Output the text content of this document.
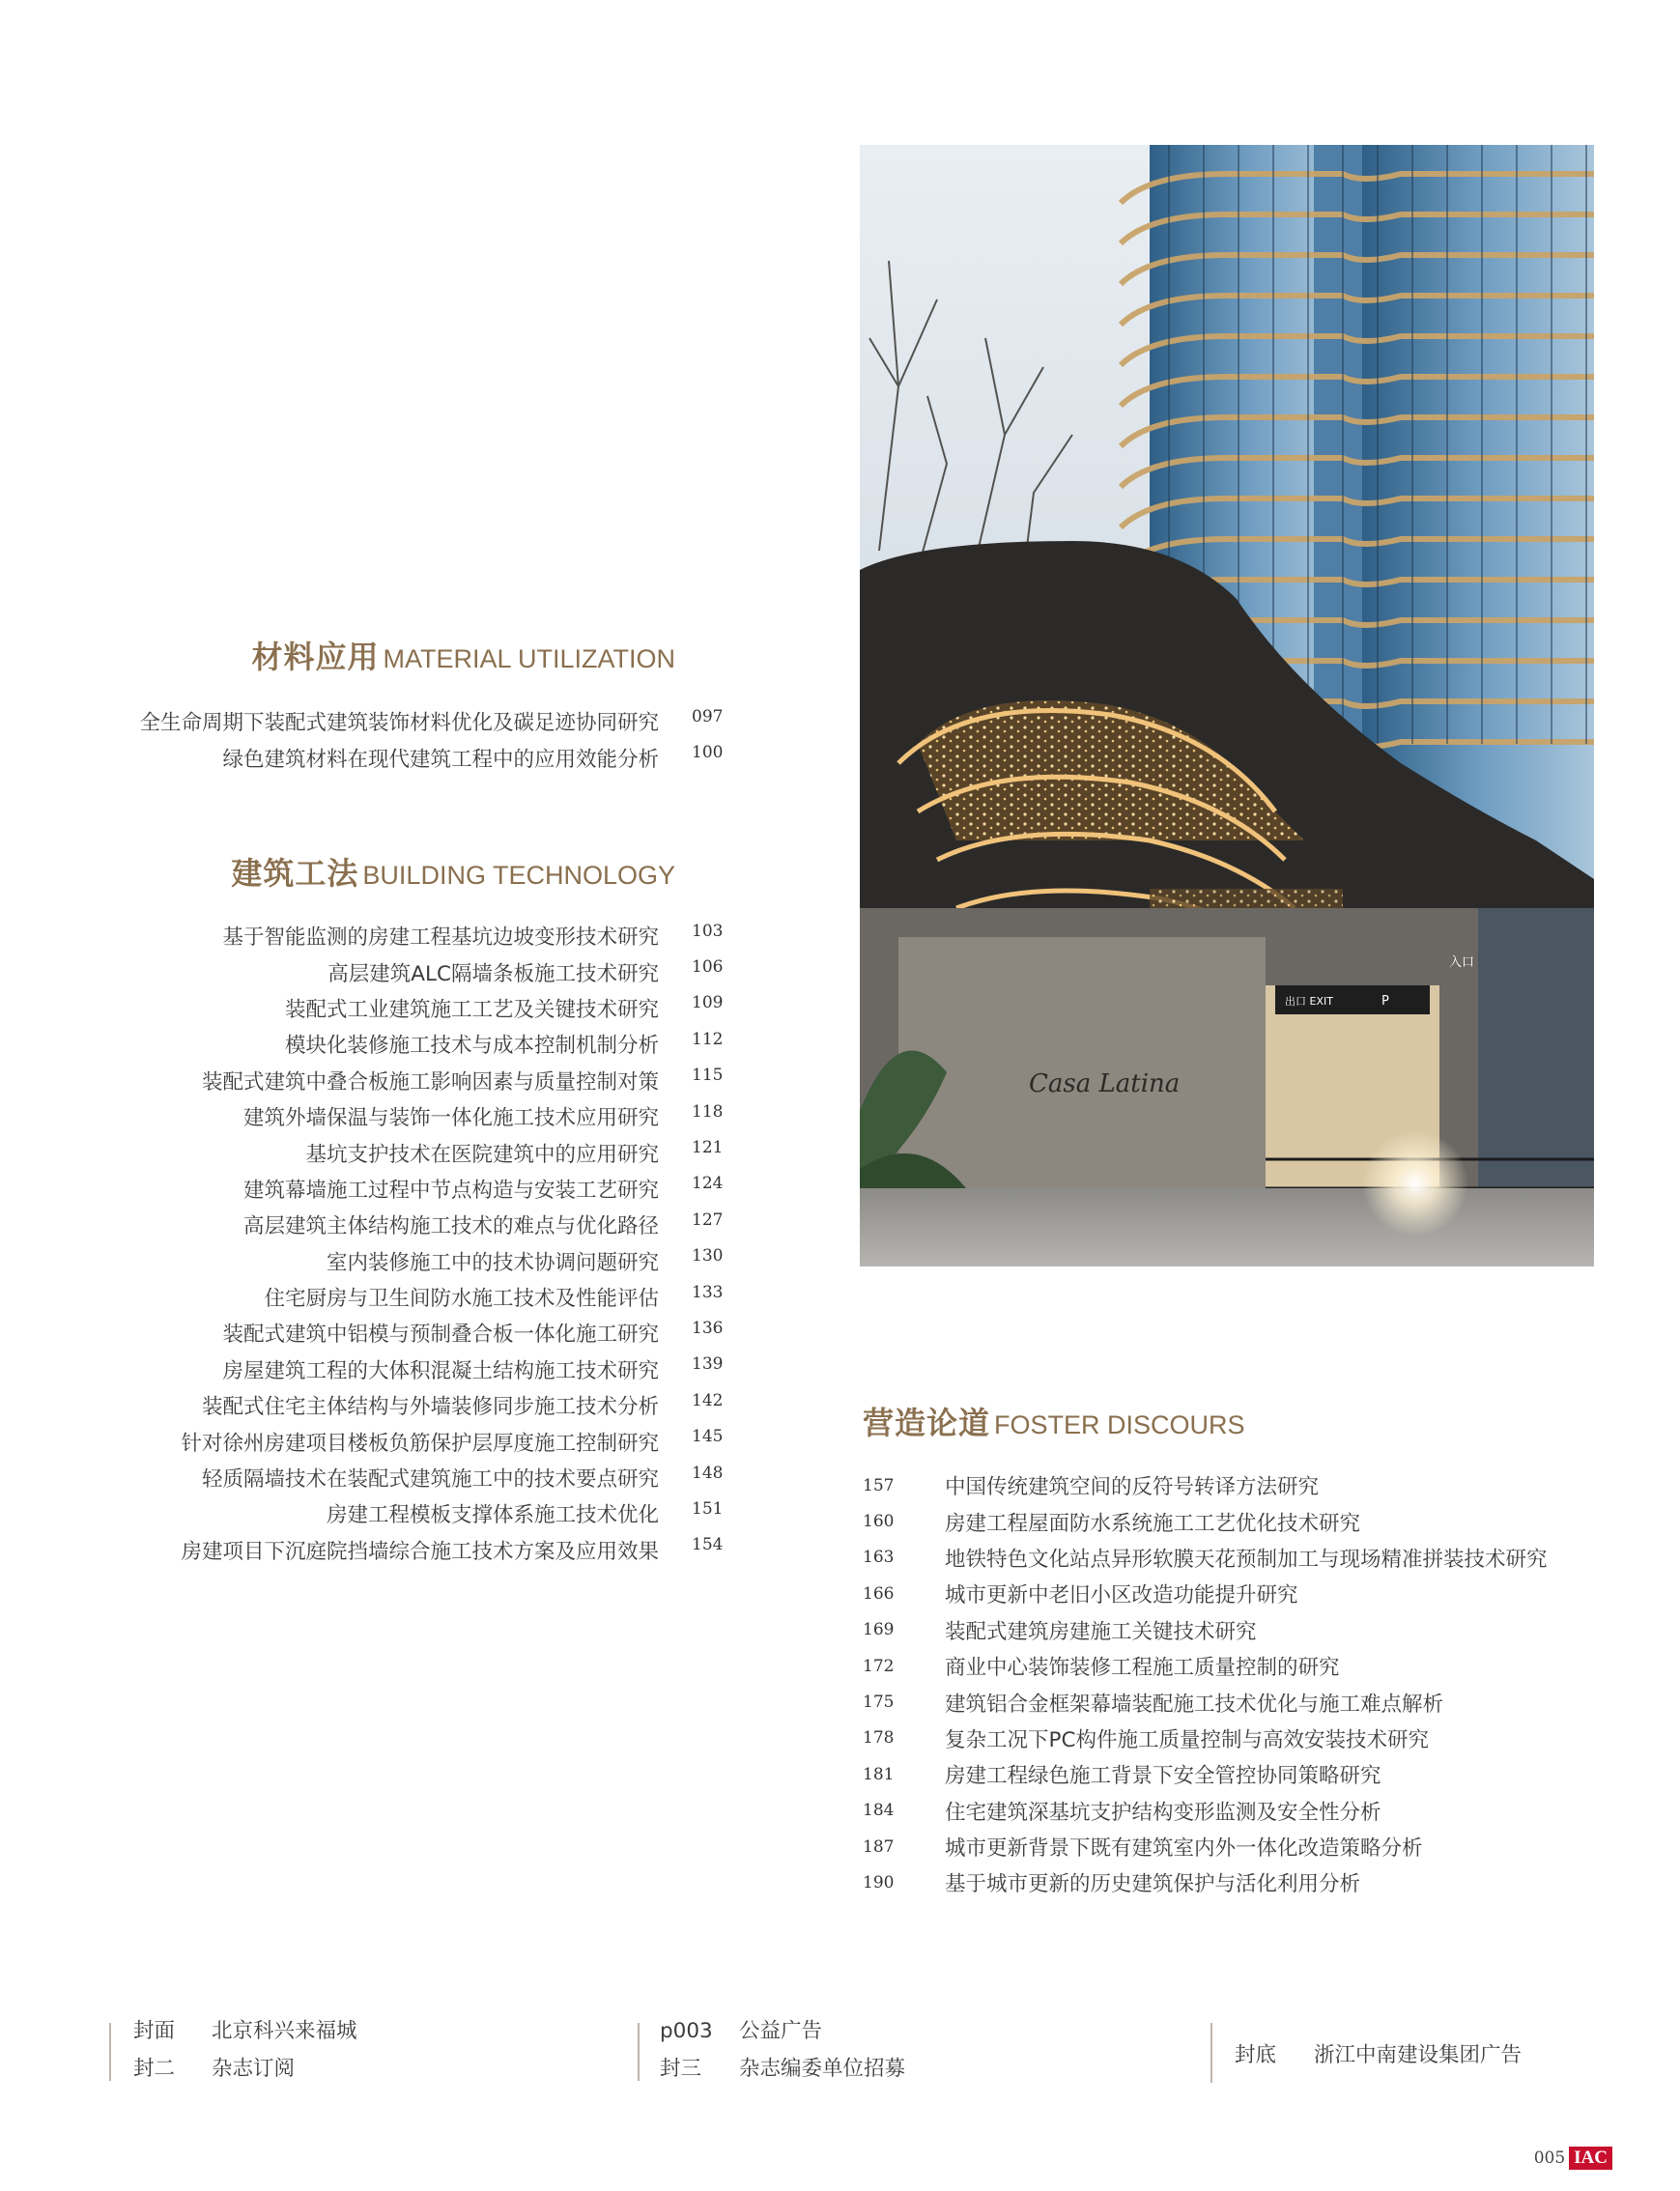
材料应用 MATERIAL UTILIZATION
全生命周期下装配式建筑装饰材料优化及碳足迹协同研究 097
绿色建筑材料在现代建筑工程中的应用效能分析 100
建筑工法 BUILDING TECHNOLOGY
基于智能监测的房建工程基坑边坡变形技术研究 103
高层建筑ALC隔墙条板施工技术研究 106
装配式工业建筑施工工艺及关键技术研究 109
模块化装修施工技术与成本控制机制分析 112
装配式建筑中叠合板施工影响因素与质量控制对策 115
建筑外墙保温与装饰一体化施工技术应用研究 118
基坑支护技术在医院建筑中的应用研究 121
建筑幕墙施工过程中节点构造与安装工艺研究 124
高层建筑主体结构施工技术的难点与优化路径 127
室内装修施工中的技术协调问题研究 130
住宅厨房与卫生间防水施工技术及性能评估 133
装配式建筑中铝模与预制叠合板一体化施工研究 136
房屋建筑工程的大体积混凝土结构施工技术研究 139
装配式住宅主体结构与外墙装修同步施工技术分析 142
针对徐州房建项目楼板负筋保护层厚度施工控制研究 145
轻质隔墙技术在装配式建筑施工中的技术要点研究 148
房建工程模板支撑体系施工技术优化 151
房建项目下沉庭院挡墙综合施工技术方案及应用效果 154
Casa Latina
出口 EXIT	P
入口
营造论道 FOSTER DISCOURS
157	中国传统建筑空间的反符号转译方法研究
160	房建工程屋面防水系统施工工艺优化技术研究
163	地铁特色文化站点异形软膜天花预制加工与现场精准拼装技术研究
166	城市更新中老旧小区改造功能提升研究
169	装配式建筑房建施工关键技术研究
172	商业中心装饰装修工程施工质量控制的研究
175	建筑铝合金框架幕墙装配施工技术优化与施工难点解析
178	复杂工况下PC构件施工质量控制与高效安装技术研究
181	房建工程绿色施工背景下安全管控协同策略研究
184	住宅建筑深基坑支护结构变形监测及安全性分析
187	城市更新背景下既有建筑室内外一体化改造策略分析
190	基于城市更新的历史建筑保护与活化利用分析
封面 北京科兴来福城
封二 杂志订阅
p003 公益广告
封三 杂志编委单位招募
封底 浙江中南建设集团广告
005 IAC
